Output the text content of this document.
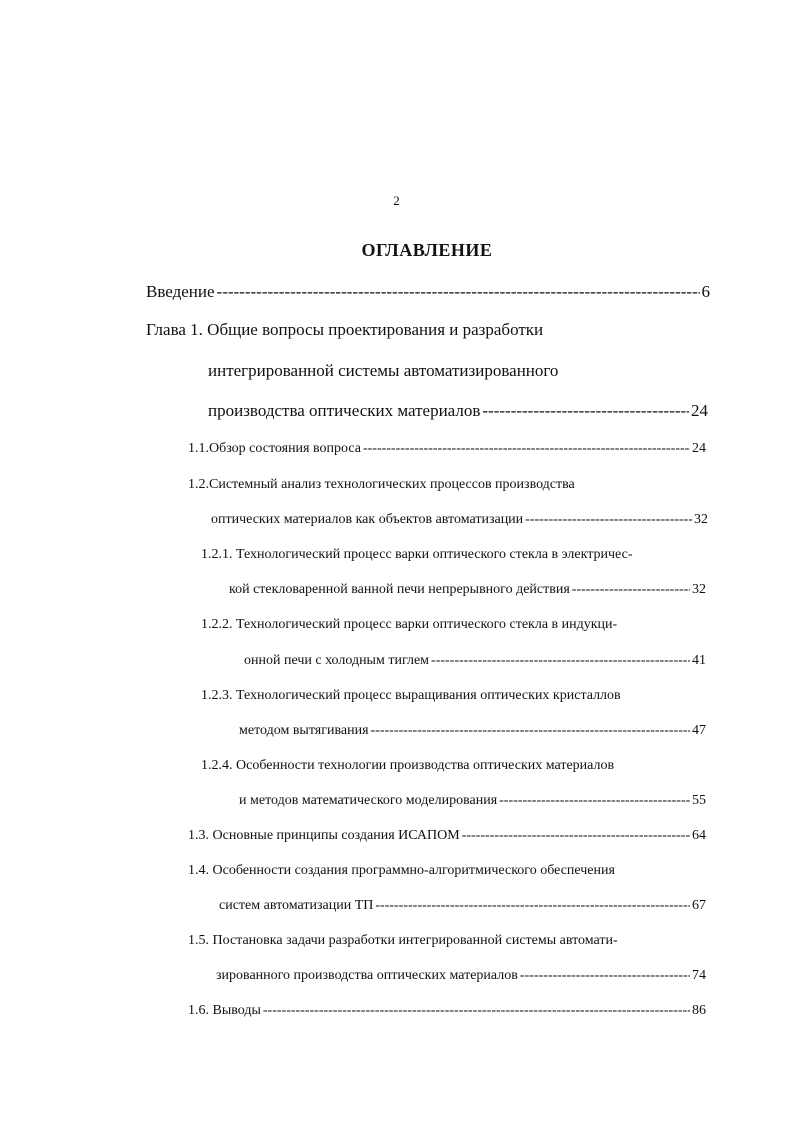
2
ОГЛАВЛЕНИЕ
Введение -----	6
Глава 1. Общие вопросы проектирования и разработки
интегрированной системы автоматизированного
производства оптических материалов -----	24
1.1.Обзор состояния вопроса -----	24
1.2.Системный анализ технологических процессов производства
оптических материалов как объектов автоматизации -----	32
1.2.1. Технологический процесс варки оптического стекла в электричес-
кой стекловаренной ванной печи непрерывного действия -----	32
1.2.2. Технологический процесс варки оптического стекла в индукци-
онной печи с холодным тиглем -----	41
1.2.3. Технологический процесс выращивания оптических кристаллов
методом вытягивания -----	47
1.2.4. Особенности технологии производства оптических материалов
и методов математического моделирования -----	55
1.3. Основные принципы создания ИСАПОМ -----	64
1.4. Особенности создания программно-алгоритмического обеспечения
систем автоматизации ТП -----	67
1.5. Постановка задачи разработки интегрированной системы автомати-
зированного производства оптических материалов -----	74
1.6. Выводы -----	86
